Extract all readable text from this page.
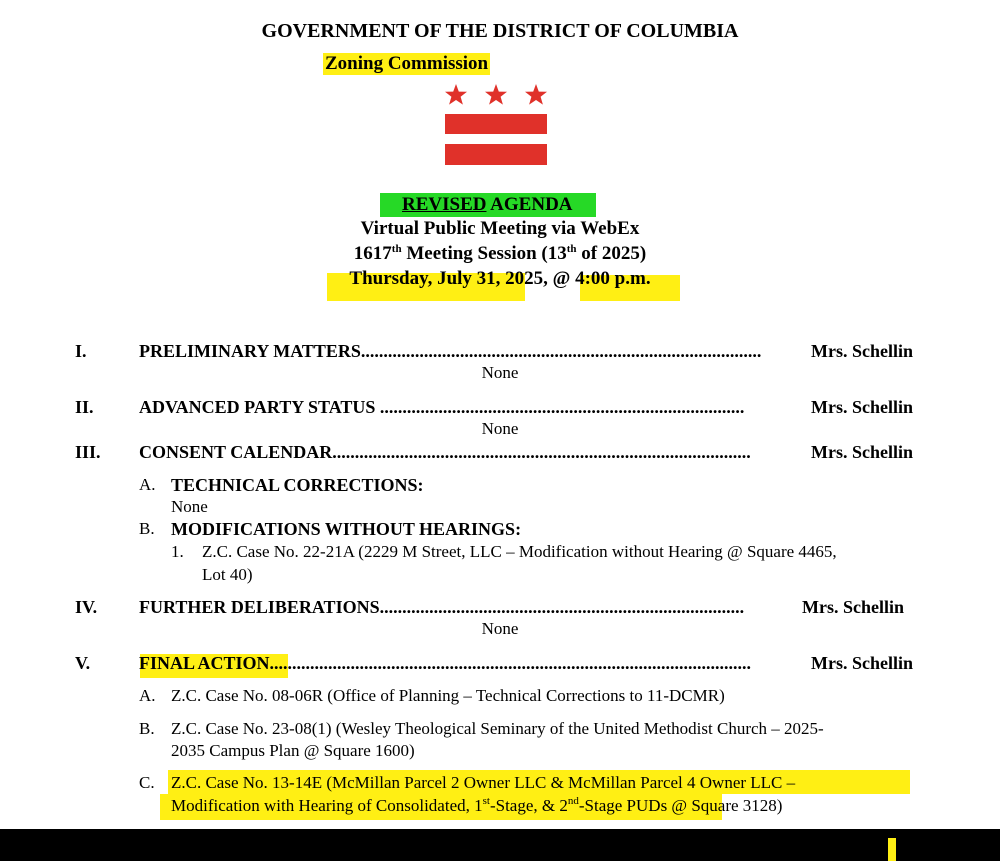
GOVERNMENT OF THE DISTRICT OF COLUMBIA
Zoning Commission
REVISED AGENDA
Virtual Public Meeting via WebEx
1617th Meeting Session (13th of 2025)
Thursday, July 31, 2025, @ 4:00 p.m.
I.	PRELIMINARY MATTERS.........................................................................................	Mrs. Schellin
None
II.	ADVANCED PARTY STATUS .................................................................................	Mrs. Schellin
None
III. CONSENT CALENDAR.............................................................................................	Mrs. Schellin
A. TECHNICAL CORRECTIONS:
None
B. MODIFICATIONS WITHOUT HEARINGS:
1. Z.C. Case No. 22-21A (2229 M Street, LLC – Modification without Hearing @ Square 4465,
Lot 40)
IV. FURTHER DELIBERATIONS.................................................................................	Mrs. Schellin
None
V.	FINAL ACTION...........................................................................................................	Mrs. Schellin
A. Z.C. Case No. 08-06R (Office of Planning – Technical Corrections to 11-DCMR)
B. Z.C. Case No. 23-08(1) (Wesley Theological Seminary of the United Methodist Church – 2025-
2035 Campus Plan @ Square 1600)
C. Z.C. Case No. 13-14E (McMillan Parcel 2 Owner LLC & McMillan Parcel 4 Owner LLC –
Modification with Hearing of Consolidated, 1st-Stage, & 2nd-Stage PUDs @ Square 3128)
